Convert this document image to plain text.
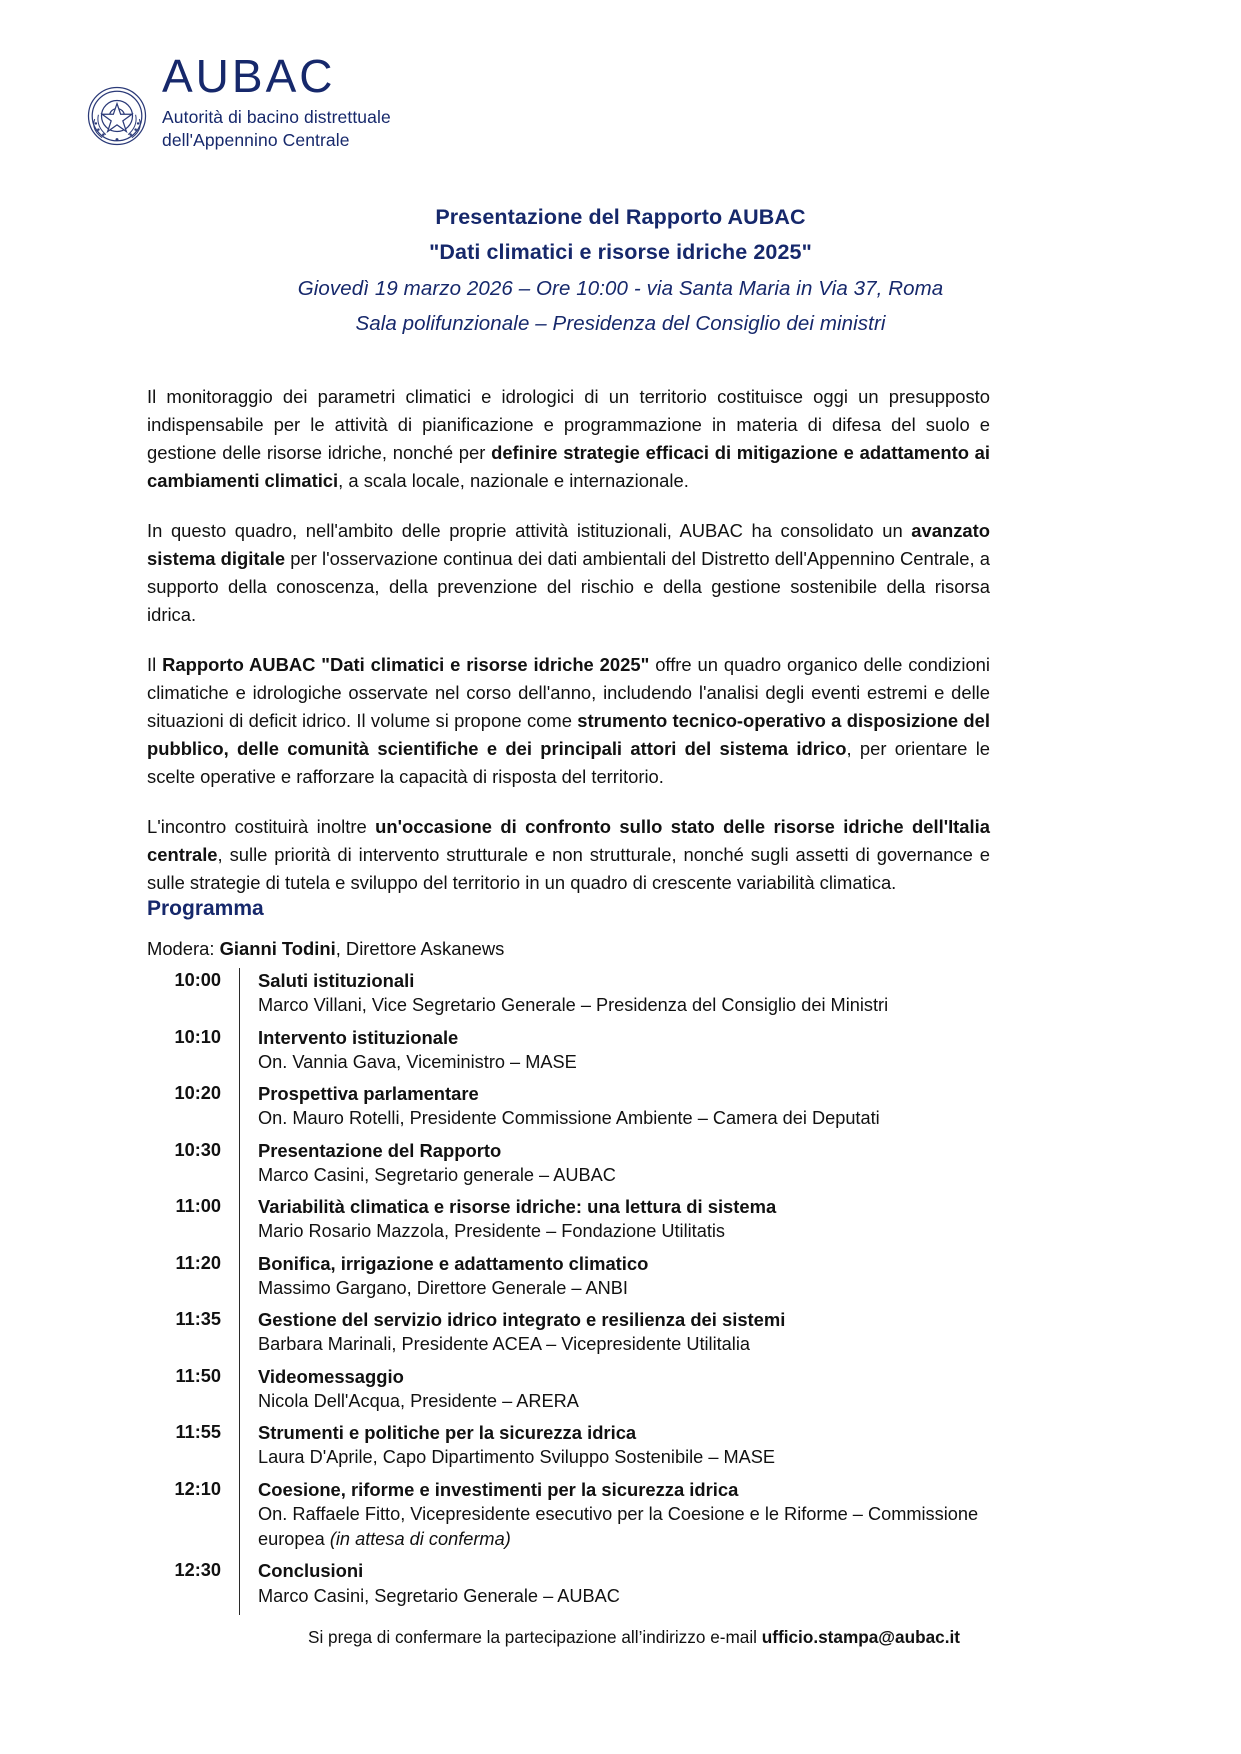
AUBAC
Autorità di bacino distrettuale
dell'Appennino Centrale
Presentazione del Rapporto AUBAC
"Dati climatici e risorse idriche 2025"
Giovedì 19 marzo 2026 – Ore 10:00 - via Santa Maria in Via 37, Roma
Sala polifunzionale – Presidenza del Consiglio dei ministri

Il monitoraggio dei parametri climatici e idrologici di un territorio costituisce oggi un presupposto indispensabile per le attività di pianificazione e programmazione in materia di difesa del suolo e gestione delle risorse idriche, nonché per definire strategie efficaci di mitigazione e adattamento ai cambiamenti climatici, a scala locale, nazionale e internazionale.

In questo quadro, nell'ambito delle proprie attività istituzionali, AUBAC ha consolidato un avanzato sistema digitale per l'osservazione continua dei dati ambientali del Distretto dell'Appennino Centrale, a supporto della conoscenza, della prevenzione del rischio e della gestione sostenibile della risorsa idrica.

Il Rapporto AUBAC "Dati climatici e risorse idriche 2025" offre un quadro organico delle condizioni climatiche e idrologiche osservate nel corso dell'anno, includendo l'analisi degli eventi estremi e delle situazioni di deficit idrico. Il volume si propone come strumento tecnico-operativo a disposizione del pubblico, delle comunità scientifiche e dei principali attori del sistema idrico, per orientare le scelte operative e rafforzare la capacità di risposta del territorio.

L'incontro costituirà inoltre un'occasione di confronto sullo stato delle risorse idriche dell'Italia centrale, sulle priorità di intervento strutturale e non strutturale, nonché sugli assetti di governance e sulle strategie di tutela e sviluppo del territorio in un quadro di crescente variabilità climatica.

Programma
Modera: Gianni Todini, Direttore Askanews
10:00	Saluti istituzionali
Marco Villani, Vice Segretario Generale – Presidenza del Consiglio dei Ministri
10:10	Intervento istituzionale
On. Vannia Gava, Viceministro – MASE
10:20	Prospettiva parlamentare
On. Mauro Rotelli, Presidente Commissione Ambiente – Camera dei Deputati
10:30	Presentazione del Rapporto
Marco Casini, Segretario generale – AUBAC
11:00	Variabilità climatica e risorse idriche: una lettura di sistema
Mario Rosario Mazzola, Presidente – Fondazione Utilitatis
11:20	Bonifica, irrigazione e adattamento climatico
Massimo Gargano, Direttore Generale – ANBI
11:35	Gestione del servizio idrico integrato e resilienza dei sistemi
Barbara Marinali, Presidente ACEA – Vicepresidente Utilitalia
11:50	Videomessaggio
Nicola Dell'Acqua, Presidente – ARERA
11:55	Strumenti e politiche per la sicurezza idrica
Laura D'Aprile, Capo Dipartimento Sviluppo Sostenibile – MASE
12:10	Coesione, riforme e investimenti per la sicurezza idrica
On. Raffaele Fitto, Vicepresidente esecutivo per la Coesione e le Riforme – Commissione europea (in attesa di conferma)
12:30	Conclusioni
Marco Casini, Segretario Generale – AUBAC
Si prega di confermare la partecipazione all’indirizzo e-mail ufficio.stampa@aubac.it
